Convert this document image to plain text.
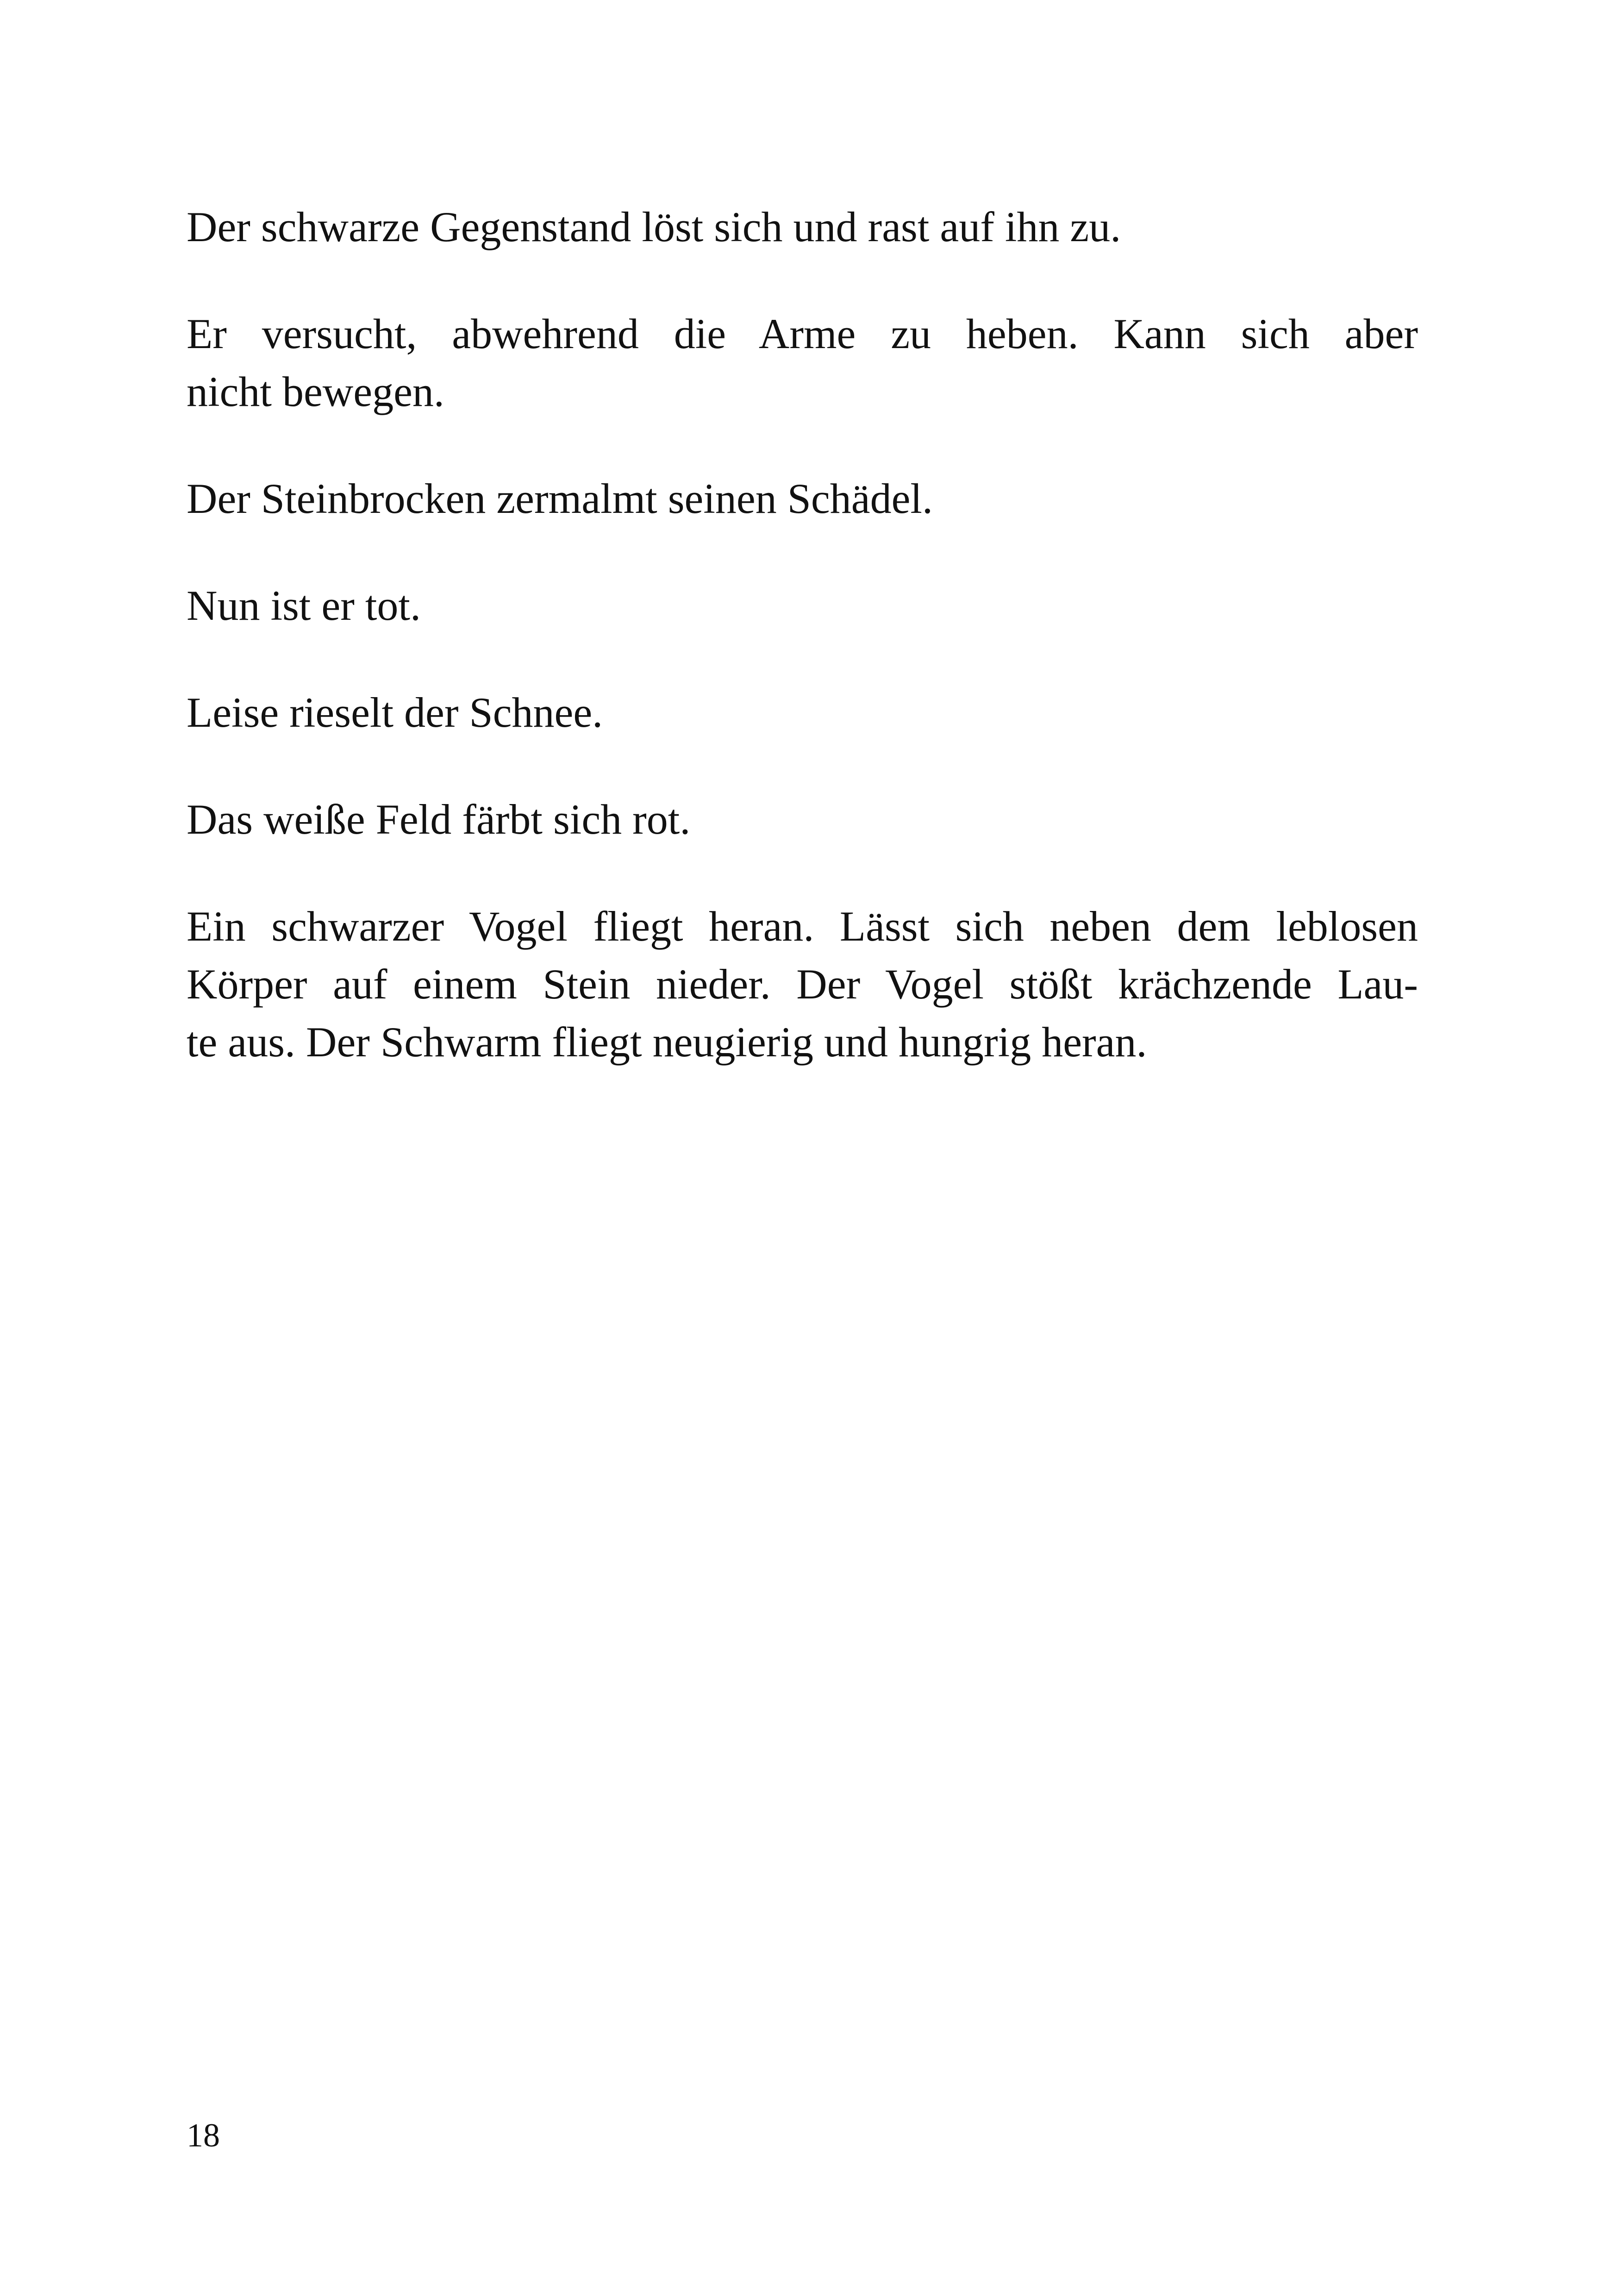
Der schwarze Gegenstand löst sich und rast auf ihn zu.

Er versucht, abwehrend die Arme zu heben. Kann sich aber
nicht bewegen.

Der Steinbrocken zermalmt seinen Schädel.

Nun ist er tot.

Leise rieselt der Schnee.

Das weiße Feld färbt sich rot.

Ein schwarzer Vogel fliegt heran. Lässt sich neben dem leblosen
Körper auf einem Stein nieder. Der Vogel stößt krächzende Lau-
te aus. Der Schwarm fliegt neugierig und hungrig heran.

18
